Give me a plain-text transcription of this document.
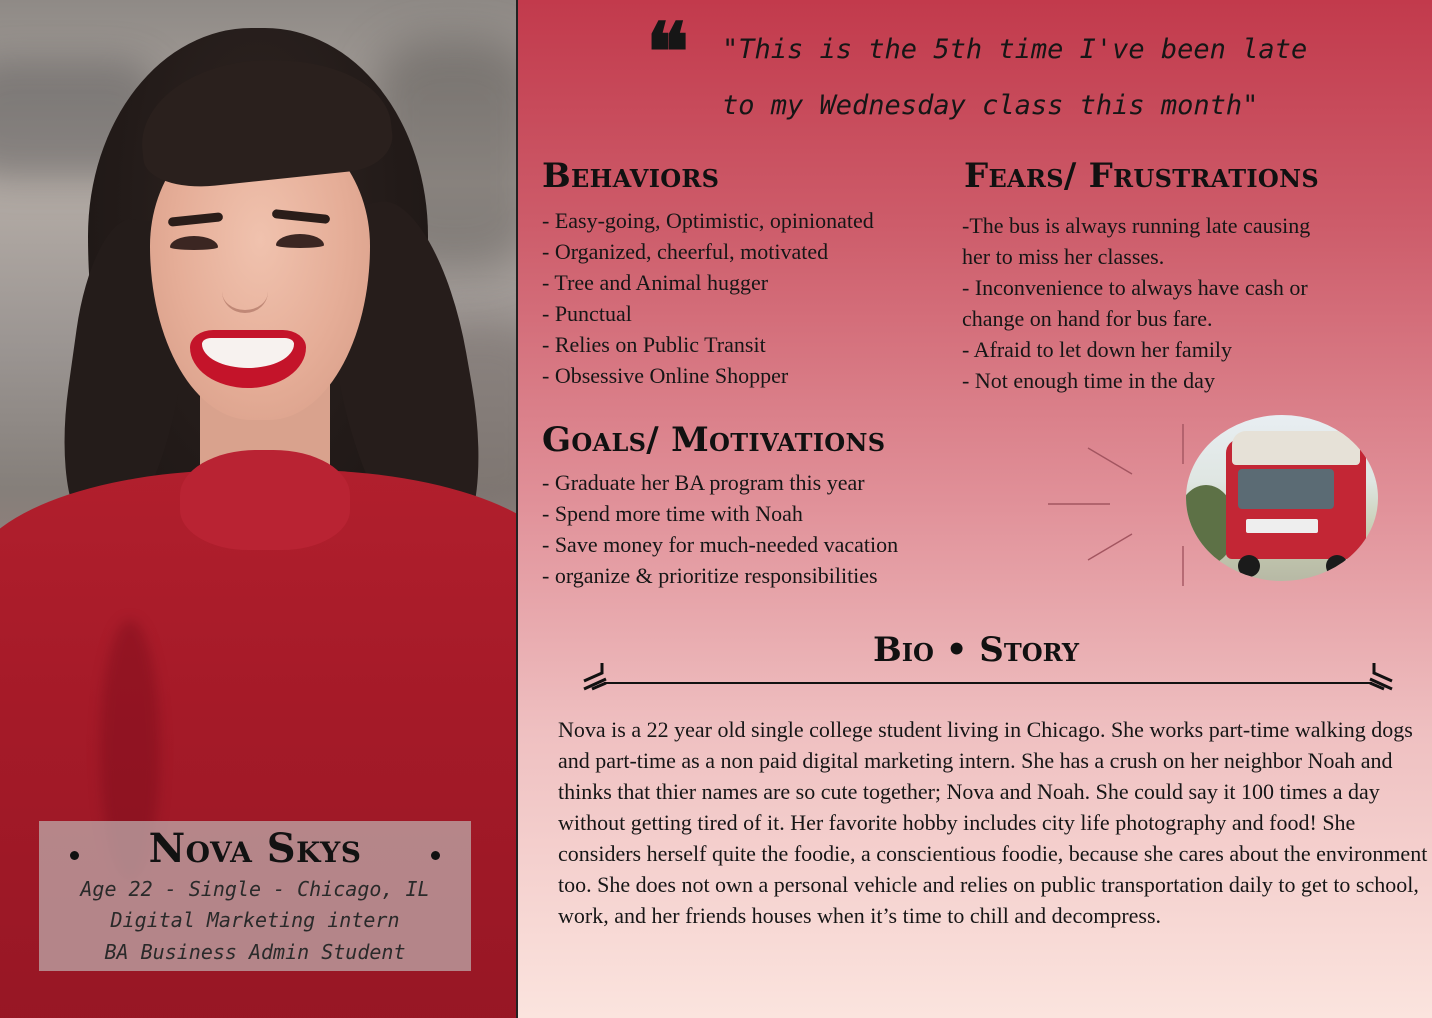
Nova Skys
Age 22 - Single - Chicago, IL
Digital Marketing intern
BA Business Admin Student
❝ "This is the 5th time I've been late
to my Wednesday class this month"
Behaviors
- Easy-going, Optimistic, opinionated
- Organized, cheerful, motivated
- Tree and Animal hugger
- Punctual
- Relies on Public Transit
- Obsessive Online Shopper
Fears/ Frustrations
-The bus is always running late causing
her to miss her classes.
- Inconvenience to always have cash or
change on hand for bus fare.
- Afraid to let down her family
- Not enough time in the day
Goals/ Motivations
- Graduate her BA program this year
- Spend more time with Noah
- Save money for much-needed vacation
- organize & prioritize responsibilities
Bio • Story
Nova is a 22 year old single college student living in Chicago. She works part-time walking dogs and part-time as a non paid digital marketing intern. She has a crush on her neighbor Noah and thinks that thier names are so cute together; Nova and Noah. She could say it 100 times a day without getting tired of it. Her favorite hobby includes city life photography and food! She considers herself quite the foodie, a conscientious foodie, because she cares about the environment too. She does not own a personal vehicle and relies on public transportation daily to get to school, work, and her friends houses when it’s time to chill and decompress.
